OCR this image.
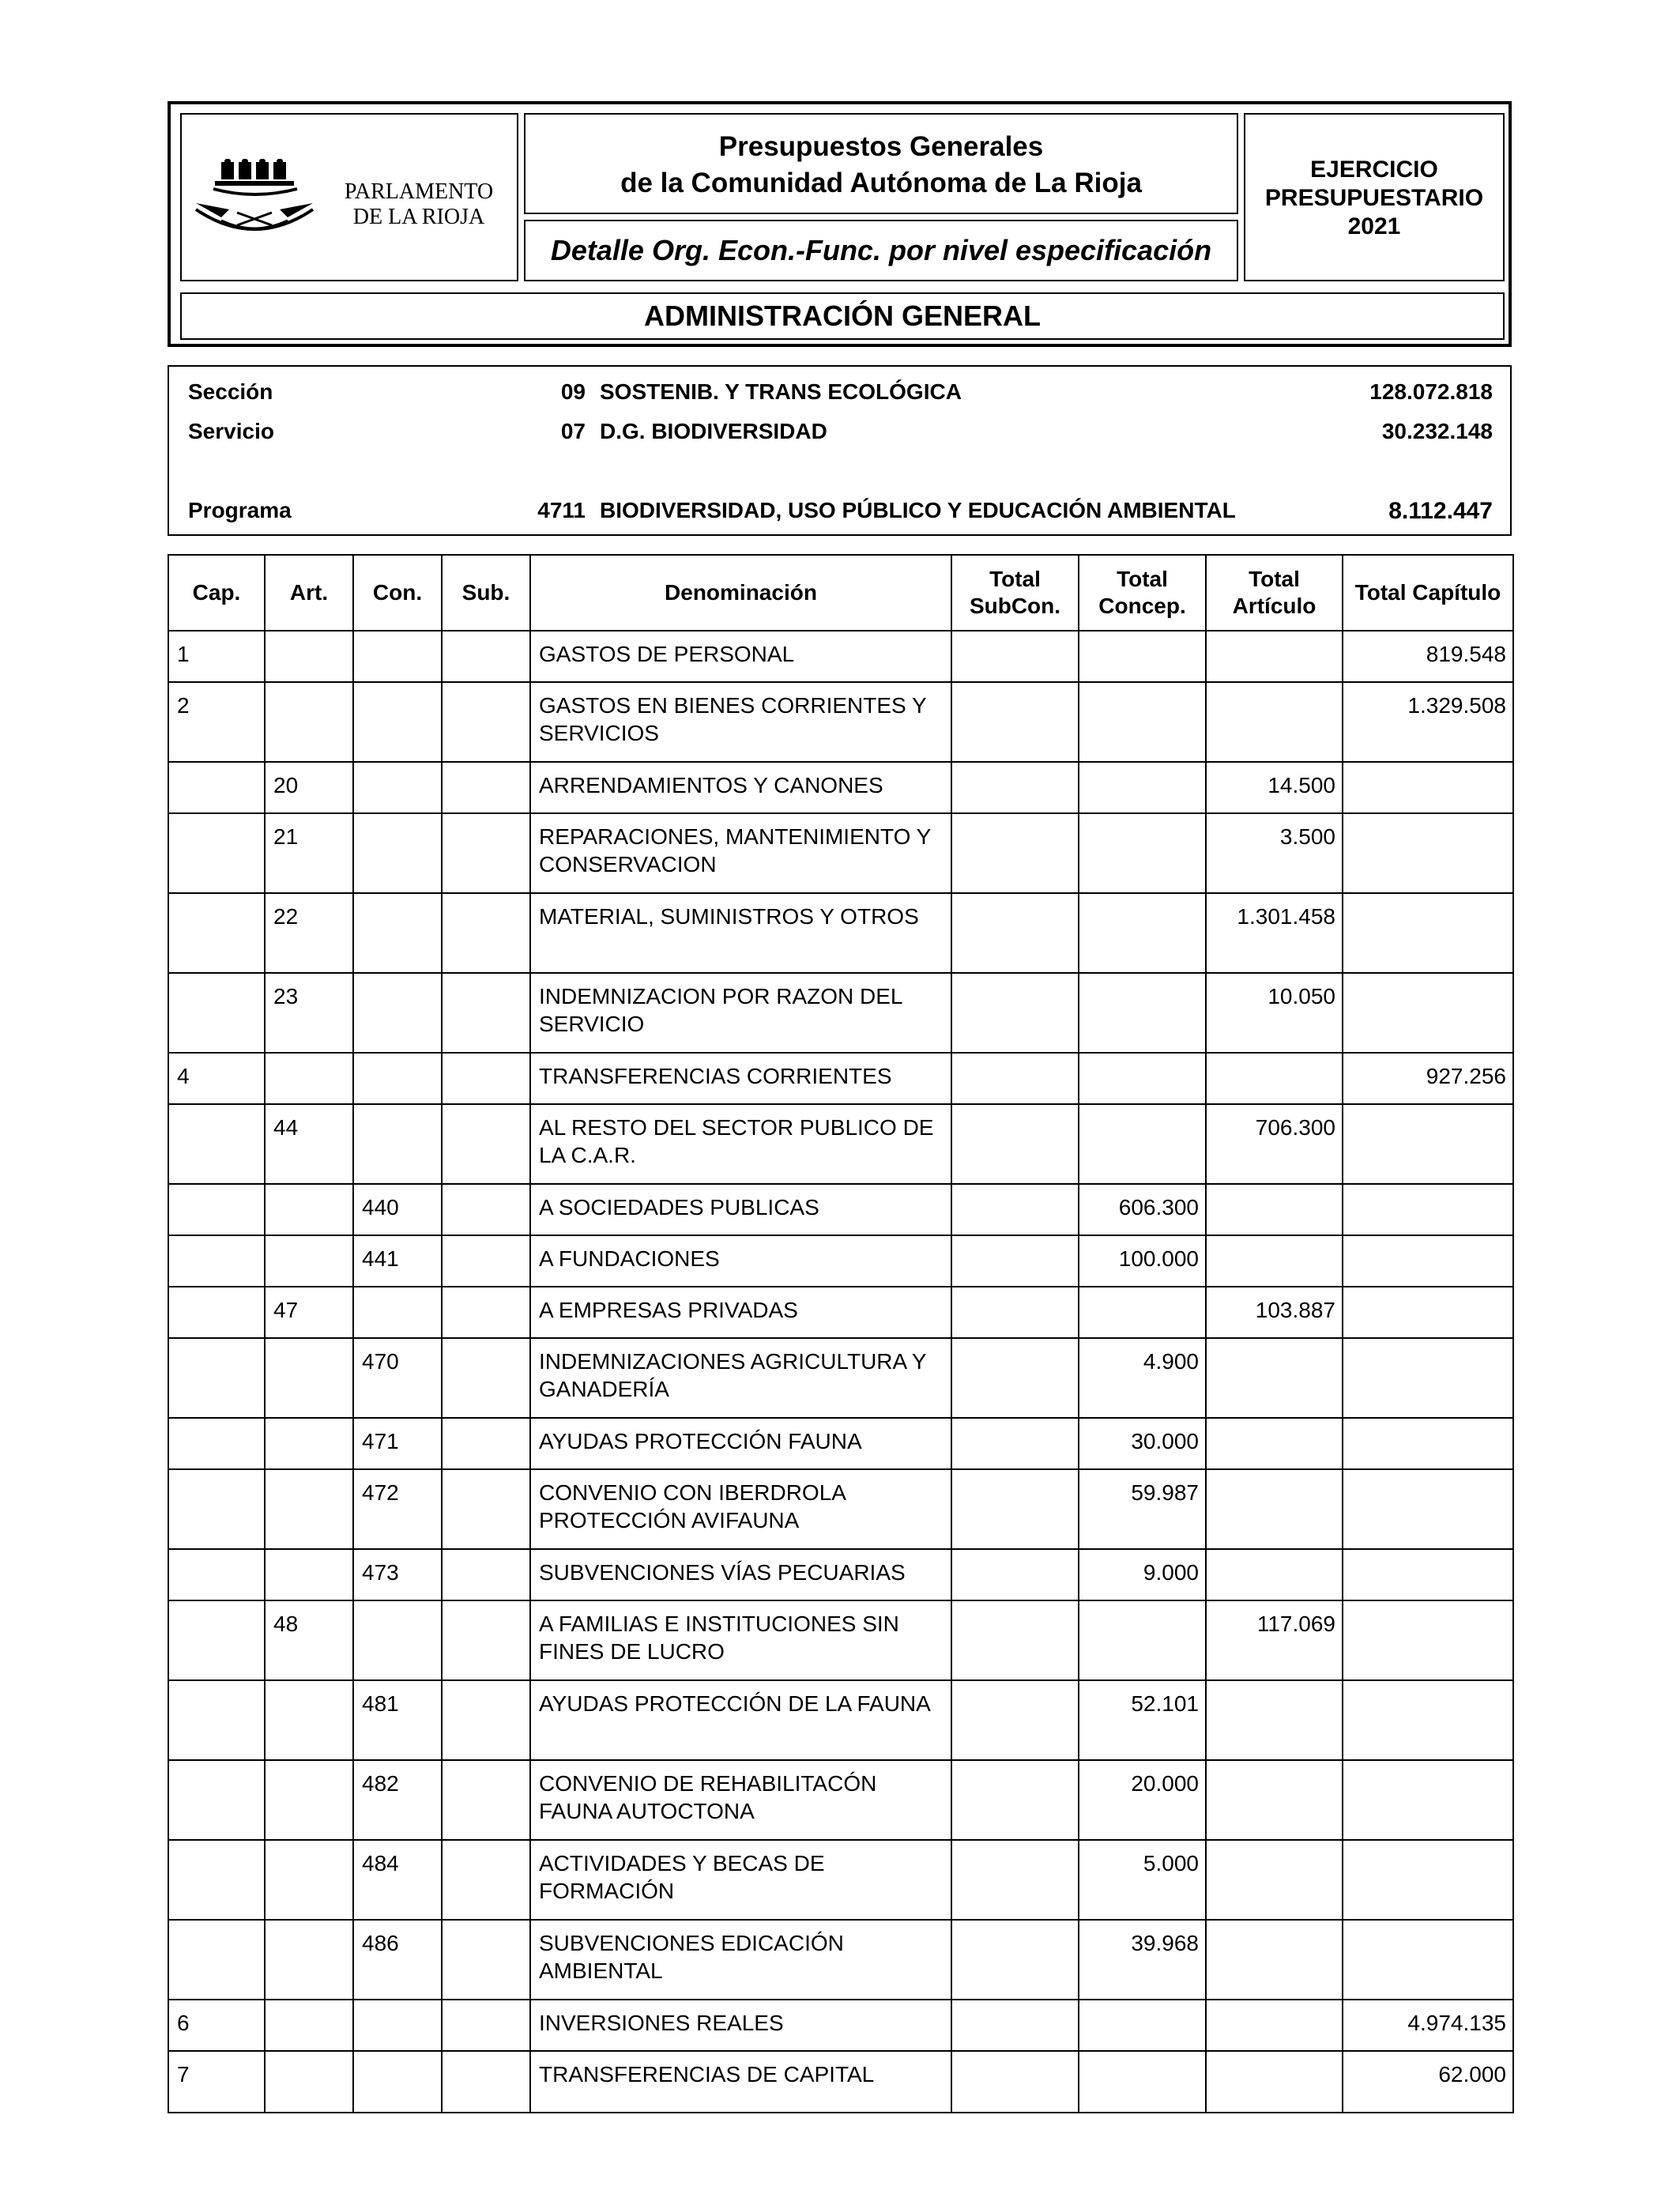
PARLAMENTO
DE LA RIOJA
Presupuestos Generales
de la Comunidad Autónoma de La Rioja
Detalle Org. Econ.-Func. por nivel especificación
EJERCICIO
PRESUPUESTARIO
2021
ADMINISTRACIÓN GENERAL
Sección	09 SOSTENIB. Y TRANS ECOLÓGICA	128.072.818
Servicio	07 D.G. BIODIVERSIDAD	30.232.148
Programa	4711 BIODIVERSIDAD, USO PÚBLICO Y EDUCACIÓN AMBIENTAL	8.112.447
Cap.	Art.	Con.	Sub.	Denominación	Total SubCon.	Total Concep.	Total Artículo	Total Capítulo
1				GASTOS DE PERSONAL				819.548
2				GASTOS EN BIENES CORRIENTES Y SERVICIOS				1.329.508
	20			ARRENDAMIENTOS Y CANONES			14.500	
	21			REPARACIONES, MANTENIMIENTO Y CONSERVACION			3.500	
	22			MATERIAL, SUMINISTROS Y OTROS			1.301.458	
	23			INDEMNIZACION POR RAZON DEL SERVICIO			10.050	
4				TRANSFERENCIAS CORRIENTES				927.256
	44			AL RESTO DEL SECTOR PUBLICO DE LA C.A.R.			706.300	
		440		A SOCIEDADES PUBLICAS		606.300		
		441		A FUNDACIONES		100.000		
	47			A EMPRESAS PRIVADAS			103.887	
		470		INDEMNIZACIONES AGRICULTURA Y GANADERÍA		4.900		
		471		AYUDAS PROTECCIÓN FAUNA		30.000		
		472		CONVENIO CON IBERDROLA PROTECCIÓN AVIFAUNA		59.987		
		473		SUBVENCIONES VÍAS PECUARIAS		9.000		
	48			A FAMILIAS E INSTITUCIONES SIN FINES DE LUCRO			117.069	
		481		AYUDAS PROTECCIÓN DE LA FAUNA		52.101		
		482		CONVENIO DE REHABILITACÓN FAUNA AUTOCTONA		20.000		
		484		ACTIVIDADES Y BECAS DE FORMACIÓN		5.000		
		486		SUBVENCIONES EDICACIÓN AMBIENTAL		39.968		
6				INVERSIONES REALES				4.974.135
7				TRANSFERENCIAS DE CAPITAL				62.000
